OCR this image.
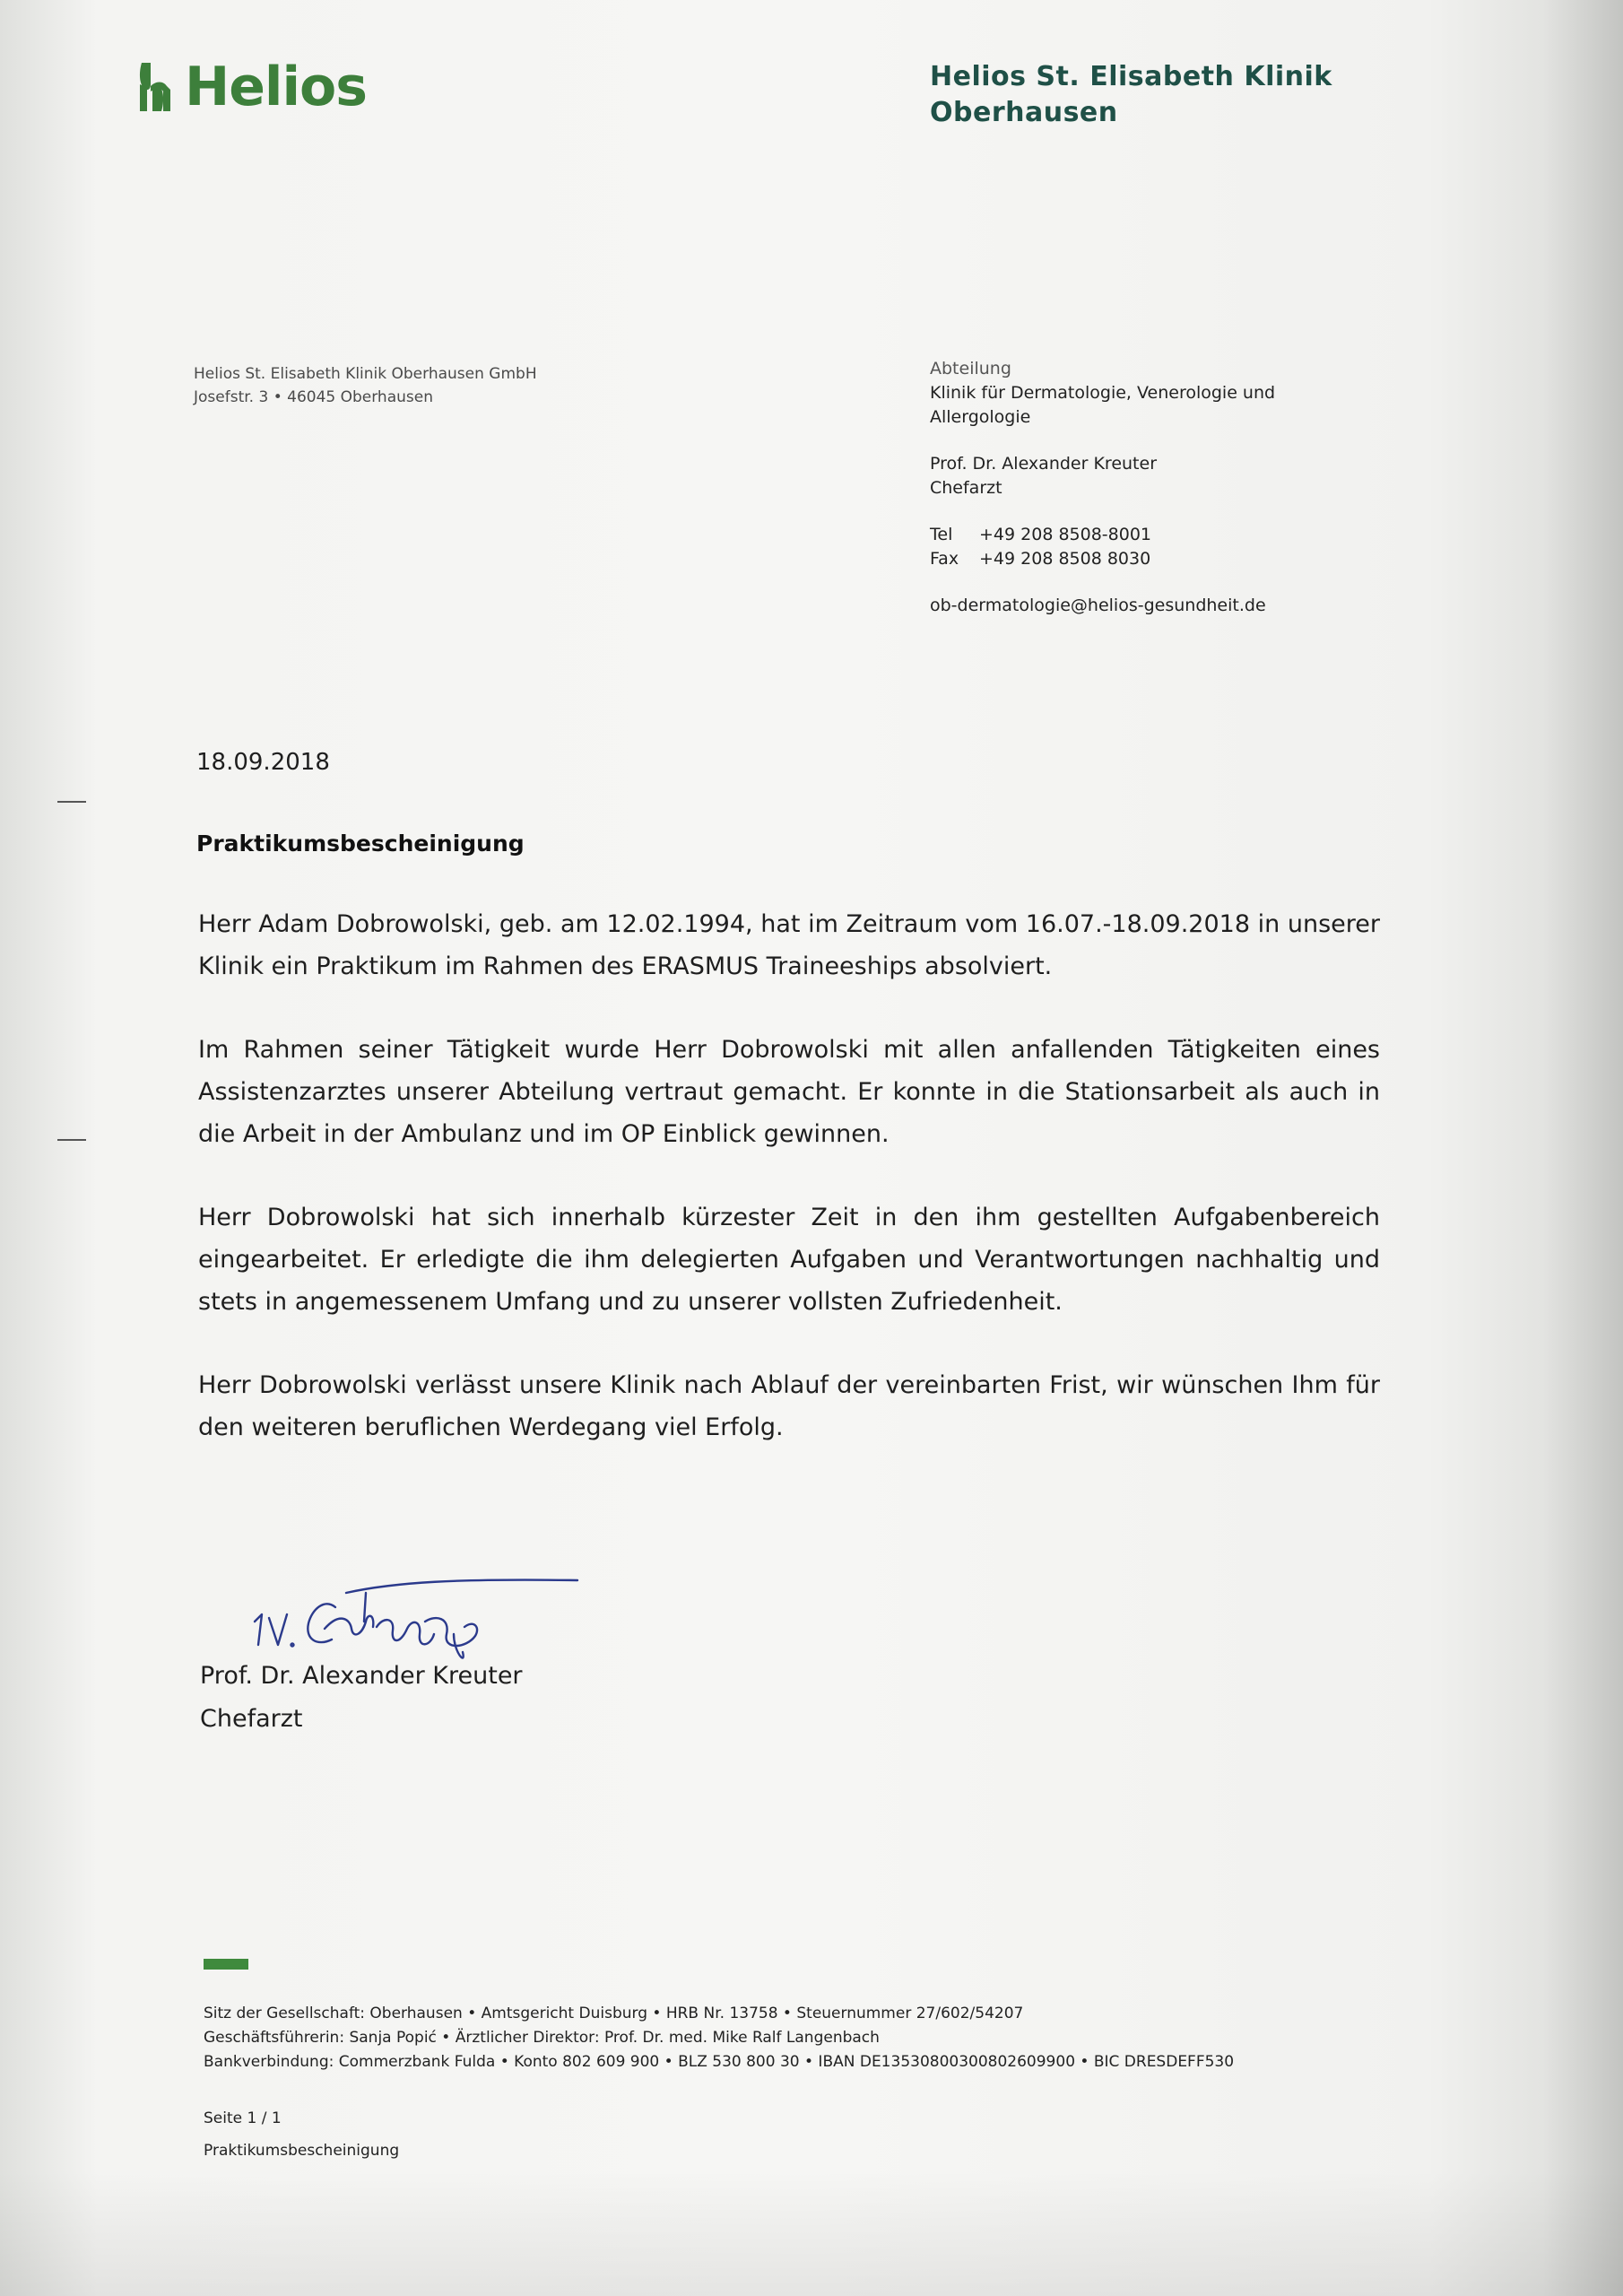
Helios	Helios St. Elisabeth Klinik
Oberhausen
Helios St. Elisabeth Klinik Oberhausen GmbH
Josefstr. 3 • 46045 Oberhausen
Abteilung
Klinik für Dermatologie, Venerologie und
Allergologie
Prof. Dr. Alexander Kreuter
Chefarzt
Tel	+49 208 8508-8001
Fax	+49 208 8508 8030
ob-dermatologie@helios-gesundheit.de
18.09.2018
Praktikumsbescheinigung

Herr Adam Dobrowolski, geb. am 12.02.1994, hat im Zeitraum vom 16.07.-18.09.2018 in unserer Klinik ein Praktikum im Rahmen des ERASMUS Traineeships absolviert.

Im Rahmen seiner Tätigkeit wurde Herr Dobrowolski mit allen anfallenden Tätigkeiten eines Assistenzarztes unserer Abteilung vertraut gemacht. Er konnte in die Stationsarbeit als auch in die Arbeit in der Ambulanz und im OP Einblick gewinnen.

Herr Dobrowolski hat sich innerhalb kürzester Zeit in den ihm gestellten Aufgabenbereich eingearbeitet. Er erledigte die ihm delegierten Aufgaben und Verantwortungen nachhaltig und stets in angemessenem Umfang und zu unserer vollsten Zufriedenheit.

Herr Dobrowolski verlässt unsere Klinik nach Ablauf der vereinbarten Frist, wir wünschen Ihm für den weiteren beruflichen Werdegang viel Erfolg.

Prof. Dr. Alexander Kreuter
Chefarzt
Sitz der Gesellschaft: Oberhausen • Amtsgericht Duisburg • HRB Nr. 13758 • Steuernummer 27/602/54207
Geschäftsführerin: Sanja Popić • Ärztlicher Direktor: Prof. Dr. med. Mike Ralf Langenbach
Bankverbindung: Commerzbank Fulda • Konto 802 609 900 • BLZ 530 800 30 • IBAN DE13530800300802609900 • BIC DRESDEFF530
Seite 1 / 1
Praktikumsbescheinigung
